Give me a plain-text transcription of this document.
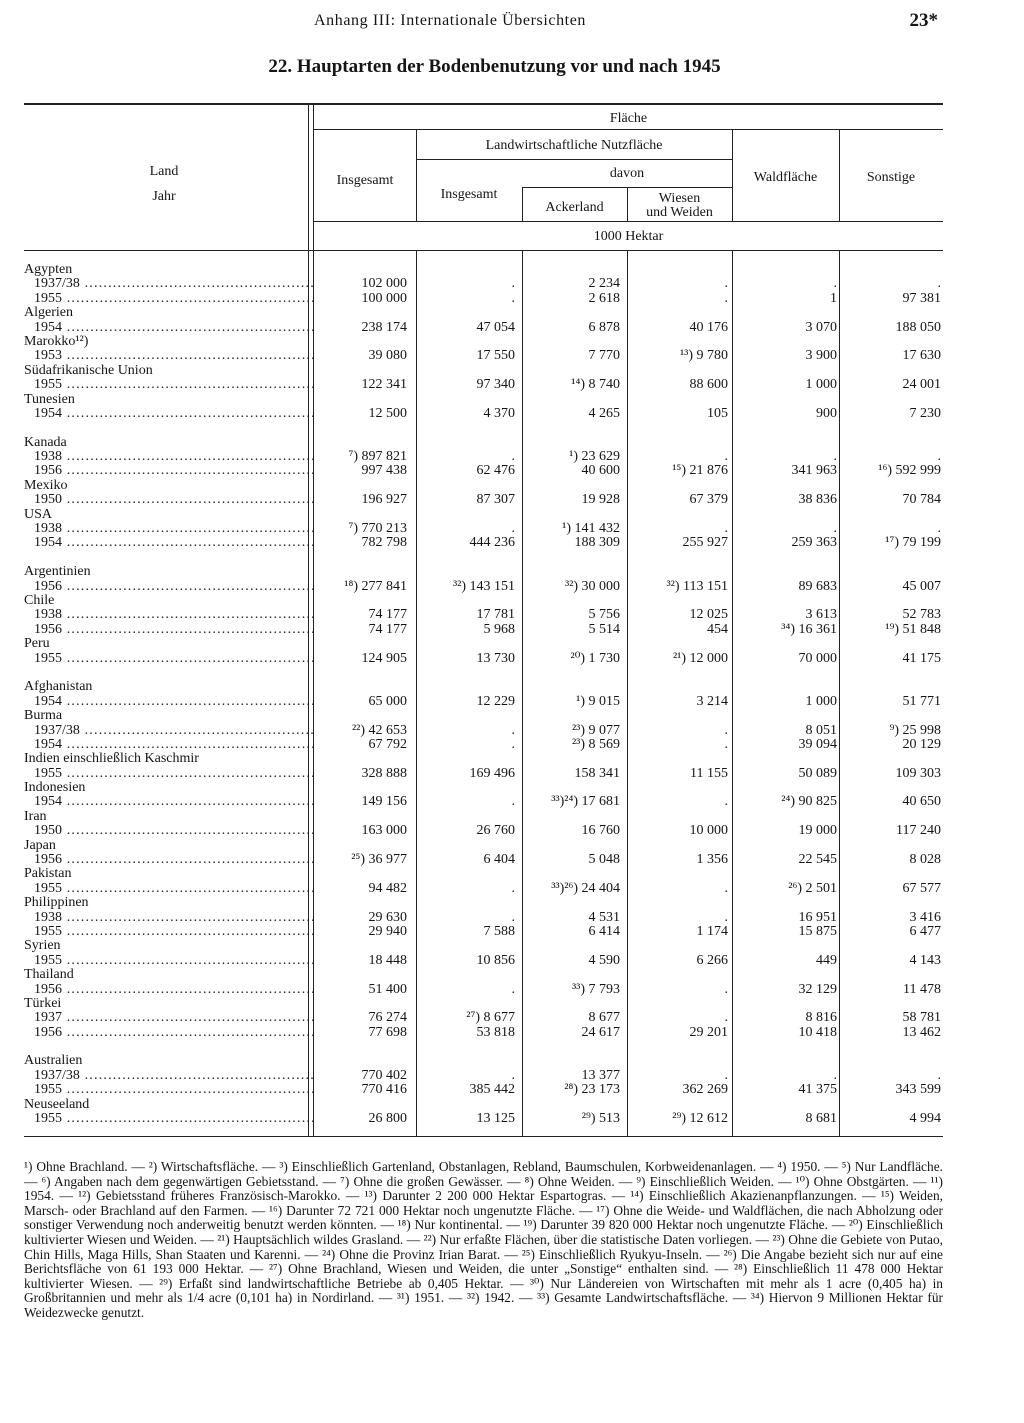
Anhang III: Internationale Übersichten	23*
22. Hauptarten der Bodenbenutzung vor und nach 1945
Land
Jahr
Fläche
Insgesamt
Landwirtschaftliche Nutzfläche
Insgesamt
davon
Ackerland
Wiesen
und Weiden
Waldfläche	Sonstige
1000 Hektar
Ägypten
1937/38 .....	102 000	.	2 234	.	.	.
1955 .....	100 000	.	2 618	.	1	97 381
Algerien
1954 .....	238 174	47 054	6 878	40 176	3 070	188 050
Marokko¹²)
1953 .....	39 080	17 550	7 770	¹³) 9 780	3 900	17 630
Südafrikanische Union
1955 .....	122 341	97 340	¹⁴) 8 740	88 600	1 000	24 001
Tunesien
1954 .....	12 500	4 370	4 265	105	900	7 230
Kanada
1938 .....	⁷) 897 821	.	¹) 23 629	.	.	.
1956 .....	997 438	62 476	40 600	¹⁵) 21 876	341 963	¹⁶) 592 999
Mexiko
1950 .....	196 927	87 307	19 928	67 379	38 836	70 784
USA
1938 .....	⁷) 770 213	.	¹) 141 432	.	.	.
1954 .....	782 798	444 236	188 309	255 927	259 363	¹⁷) 79 199
Argentinien
1956 .....	¹⁸) 277 841	³²) 143 151	³²) 30 000	³²) 113 151	89 683	45 007
Chile
1938 .....	74 177	17 781	5 756	12 025	3 613	52 783
1956 .....	74 177	5 968	5 514	454	³⁴) 16 361	¹⁹) 51 848
Peru
1955 .....	124 905	13 730	²⁰) 1 730	²¹) 12 000	70 000	41 175
Afghanistan
1954 .....	65 000	12 229	¹) 9 015	3 214	1 000	51 771
Burma
1937/38 .....	²²) 42 653	.	²³) 9 077	.	8 051	⁹) 25 998
1954 .....	67 792	.	²³) 8 569	.	39 094	20 129
Indien einschließlich Kaschmir
1955 .....	328 888	169 496	158 341	11 155	50 089	109 303
Indonesien
1954 .....	149 156	.	³³)²⁴) 17 681	.	²⁴) 90 825	40 650
Iran
1950 .....	163 000	26 760	16 760	10 000	19 000	117 240
Japan
1956 .....	²⁵) 36 977	6 404	5 048	1 356	22 545	8 028
Pakistan
1955 .....	94 482	.	³³)²⁶) 24 404	.	²⁶) 2 501	67 577
Philippinen
1938 .....	29 630	.	4 531	.	16 951	3 416
1955 .....	29 940	7 588	6 414	1 174	15 875	6 477
Syrien
1955 .....	18 448	10 856	4 590	6 266	449	4 143
Thailand
1956 .....	51 400	.	³³) 7 793	.	32 129	11 478
Türkei
1937 .....	76 274	²⁷) 8 677	8 677	.	8 816	58 781
1956 .....	77 698	53 818	24 617	29 201	10 418	13 462
Australien
1937/38 .....	770 402	.	13 377	.	.	.
1955 .....	770 416	385 442	²⁸) 23 173	362 269	41 375	343 599
Neuseeland
1955 .....	26 800	13 125	²⁹) 513	²⁹) 12 612	8 681	4 994
¹) Ohne Brachland. — ²) Wirtschaftsfläche. — ³) Einschließlich Gartenland, Obstanlagen, Rebland, Baumschulen, Korbweidenanlagen. — ⁴) 1950. — ⁵) Nur Landfläche. — ⁶) Angaben nach dem gegenwärtigen Gebietsstand. — ⁷) Ohne die großen Gewässer. — ⁸) Ohne Weiden. — ⁹) Einschließlich Weiden. — ¹⁰) Ohne Obstgärten. — ¹¹) 1954. — ¹²) Gebietsstand früheres Französisch-Marokko. — ¹³) Darunter 2 200 000 Hektar Espartogras. — ¹⁴) Einschließlich Akazienanpflanzungen. — ¹⁵) Weiden, Marsch- oder Brachland auf den Farmen. — ¹⁶) Darunter 72 721 000 Hektar noch ungenutzte Fläche. — ¹⁷) Ohne die Weide- und Waldflächen, die nach Abholzung oder sonstiger Verwendung noch anderweitig benutzt werden könnten. — ¹⁸) Nur kontinental. — ¹⁹) Darunter 39 820 000 Hektar noch ungenutzte Fläche. — ²⁰) Einschließlich kultivierter Wiesen und Weiden. — ²¹) Hauptsächlich wildes Grasland. — ²²) Nur erfaßte Flächen, über die statistische Daten vorliegen. — ²³) Ohne die Gebiete von Putao, Chin Hills, Maga Hills, Shan Staaten und Karenni. — ²⁴) Ohne die Provinz Irian Barat. — ²⁵) Einschließlich Ryukyu-Inseln. — ²⁶) Die Angabe bezieht sich nur auf eine Berichtsfläche von 61 193 000 Hektar. — ²⁷) Ohne Brachland, Wiesen und Weiden, die unter „Sonstige“ enthalten sind. — ²⁸) Einschließlich 11 478 000 Hektar kultivierter Wiesen. — ²⁹) Erfaßt sind landwirtschaftliche Betriebe ab 0,405 Hektar. — ³⁰) Nur Ländereien von Wirtschaften mit mehr als 1 acre (0,405 ha) in Großbritannien und mehr als 1/4 acre (0,101 ha) in Nordirland. — ³¹) 1951. — ³²) 1942. — ³³) Gesamte Landwirtschaftsfläche. — ³⁴) Hiervon 9 Millionen Hektar für Weidezwecke genutzt.
